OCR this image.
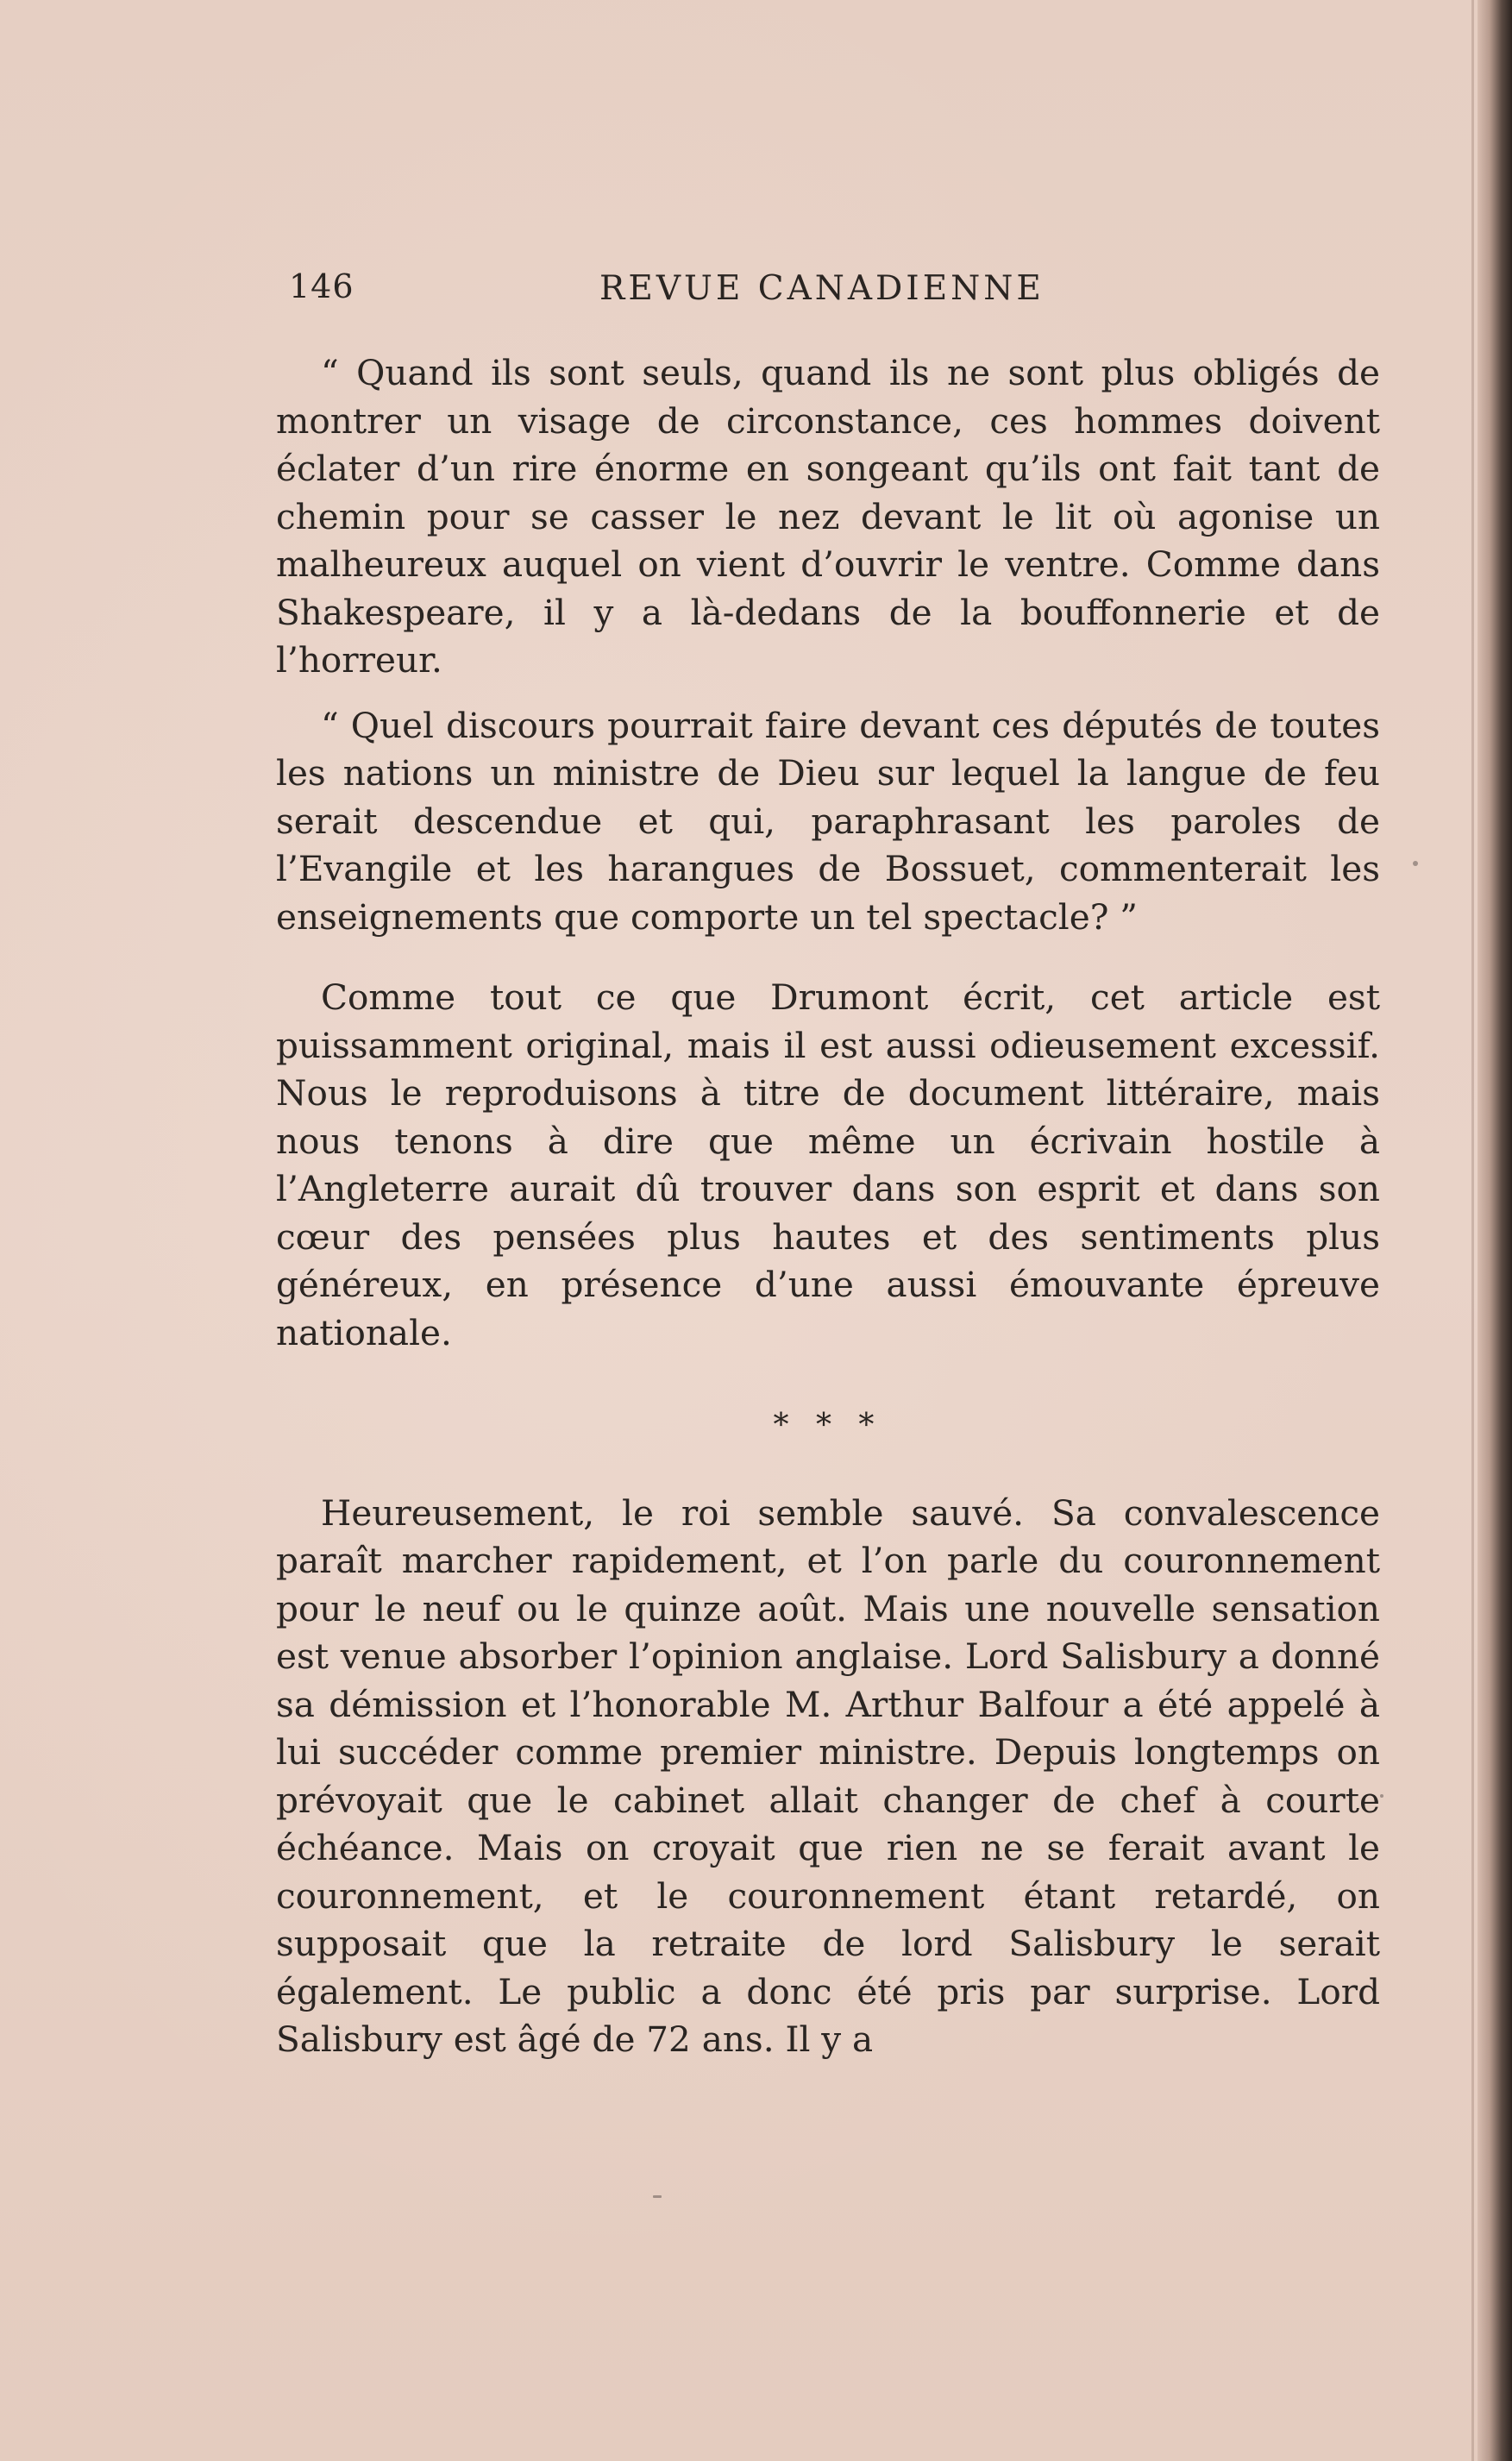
146	REVUE CANADIENNE

“ Quand ils sont seuls, quand ils ne sont plus obligés de montrer un visage de circonstance, ces hommes doivent éclater d’un rire énorme en songeant qu’ils ont fait tant de chemin pour se casser le nez devant le lit où agonise un malheureux auquel on vient d’ouvrir le ventre. Comme dans Shakespeare, il y a là-dedans de la bouffonnerie et de l’horreur.

“ Quel discours pourrait faire devant ces députés de toutes les nations un ministre de Dieu sur lequel la langue de feu serait descendue et qui, paraphrasant les paroles de l’Evangile et les harangues de Bossuet, commenterait les enseignements que comporte un tel spectacle? ”

Comme tout ce que Drumont écrit, cet article est puissamment original, mais il est aussi odieusement excessif. Nous le reproduisons à titre de document littéraire, mais nous tenons à dire que même un écrivain hostile à l’Angleterre aurait dû trouver dans son esprit et dans son cœur des pensées plus hautes et des sentiments plus généreux, en présence d’une aussi émouvante épreuve nationale.

* * *

Heureusement, le roi semble sauvé. Sa convalescence paraît marcher rapidement, et l’on parle du couronnement pour le neuf ou le quinze août. Mais une nouvelle sensation est venue absorber l’opinion anglaise. Lord Salisbury a donné sa démission et l’honorable M. Arthur Balfour a été appelé à lui succéder comme premier ministre. Depuis longtemps on prévoyait que le cabinet allait changer de chef à courte échéance. Mais on croyait que rien ne se ferait avant le couronnement, et le couronnement étant retardé, on supposait que la retraite de lord Salisbury le serait également. Le public a donc été pris par surprise. Lord Salisbury est âgé de 72 ans. Il y a
